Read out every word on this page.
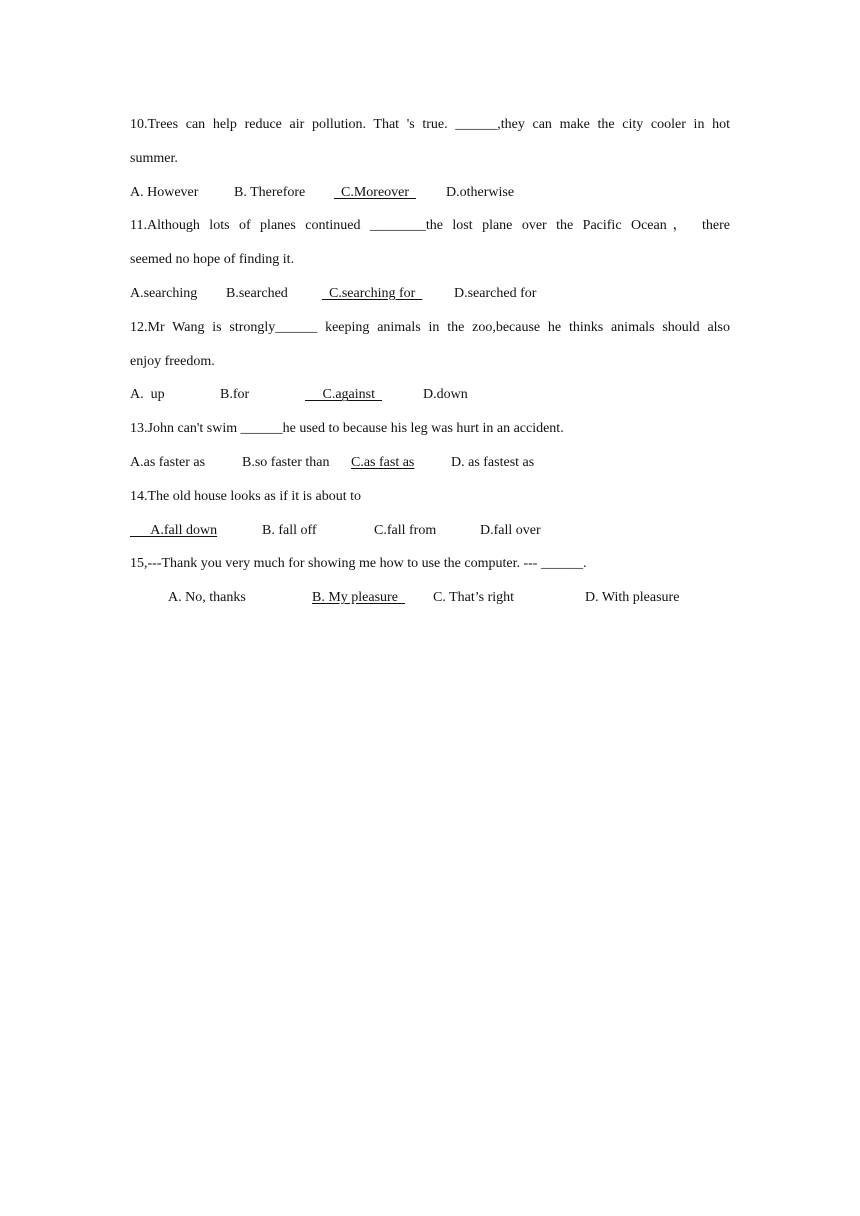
10.Trees can help reduce air pollution. That 's true. ______,they can make the city cooler in hot
summer.
A. However	B. Therefore C.Moreover D.otherwise
11.Although lots of planes continued ________the lost plane over the Pacific Ocean， there
seemed no hope of finding it.
A.searching B.searched C.searching for D.searched for
12.Mr Wang is strongly______ keeping animals in the zoo,because he thinks animals should also
enjoy freedom.
A.  up	B.for	C.against	D.down
13.John can't swim ______he used to because his leg was hurt in an accident.
A.as faster as	B.so faster than C.as fast as	D. as fastest as
14.The old house looks as if it is about to
A.fall down	B. fall off	C.fall from	D.fall over
15,---Thank you very much for showing me how to use the computer. --- ______.
A. No, thanks	B. My pleasure C. That’s right	D. With pleasure
